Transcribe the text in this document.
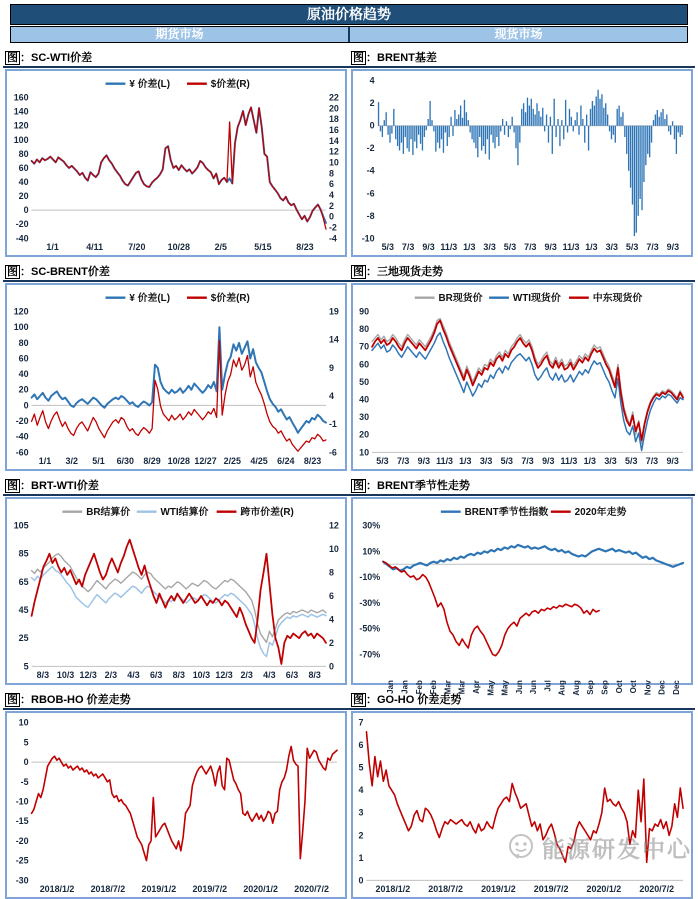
原油价格趋势
期货市场	现货市场
图 ：SC-WTI价差
160
140
120
100
80
60
40
20
0
-20
-40
22
20
18
16
14
12
10
8
6
4
2
0
-2
-4
1/1	4/11	7/20 10/28	2/5	5/15	8/23
¥ 价差(L)	$价差(R)
图 ：BRENT基差
4
2
0
-2
-4
-6
-8
-10
5/3 7/3 9/3 11/3 1/3 3/3 5/3 7/3 9/3 11/3 1/3 3/3 5/3 7/3 9/3
图 ：SC-BRENT价差
120
100
80
60
40
20
0
-20
-40
-60
19
14
9
4
-1
-6
1/1 3/2 5/1 6/30 8/29 10/28 12/27 2/25 4/25 6/24 8/23
¥ 价差(L)	$价差(R)
图 ：三地现货走势
90
80
70
60
50
40
30
20
10
5/3 7/3 9/3 11/3 1/3 3/3 5/3 7/3 9/3 11/3 1/3 3/3 5/3 7/3 9/3
BR现货价	WTI现货价	中东现货价
图 ：BRT-WTI价差
105
85
65
45
25
5
12
10
8
6
4
2
0
8/3 10/3 12/3 2/3 4/3 6/3 8/3 10/3 12/3 2/3 4/3 6/3 8/3
BR结算价	WTI结算价	跨市价差(R)
图 ：BRENT季节性走势
30%
10%
-10%
-30%
-50%
-70%
Jan Jan Feb Feb Mar Mar Apr May May Jun Jun Jul Aug Aug Sep Sep Oct Oct Nov Dec Dec
BRENT季节性指数	2020年走势
图 ：RBOB-HO 价差走势
10
5
0
-5
-10
-15
-20
-25
-30
2018/1/2 2018/7/2 2019/1/2 2019/7/2 2020/1/2 2020/7/2
图 ：GO-HO 价差走势
7
6
5
4
3
2
1
0
2018/1/2 2018/7/2 2019/1/2 2019/7/2 2020/1/2 2020/7/2
能源研发中心
